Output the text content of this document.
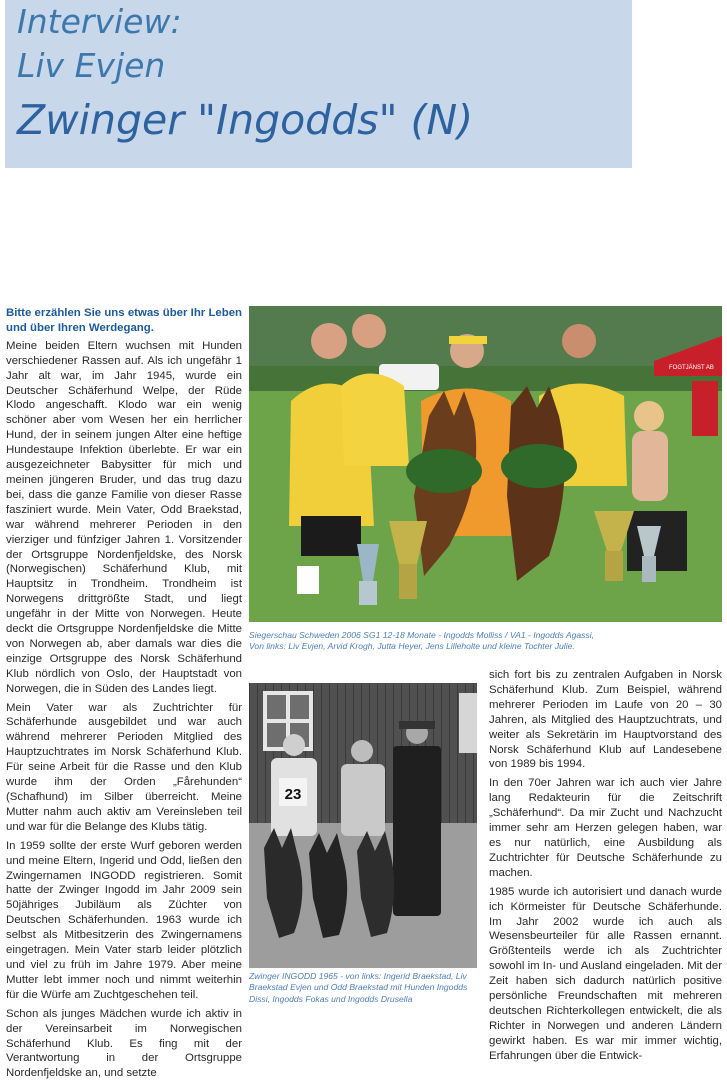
Interview:
Liv Evjen
Zwinger "Ingodds" (N)

Bitte erzählen Sie uns etwas über Ihr Leben und über Ihren Werdegang.

Meine beiden Eltern wuchsen mit Hunden verschiedener Rassen auf. Als ich ungefähr 1 Jahr alt war, im Jahr 1945, wurde ein Deutscher Schäferhund Welpe, der Rüde Klodo angeschafft. Klodo war ein wenig schöner aber vom Wesen her ein herrlicher Hund, der in seinem jungen Alter eine heftige Hundestaupe Infektion überlebte. Er war ein ausgezeichneter Babysitter für mich und meinen jüngeren Bruder, und das trug dazu bei, dass die ganze Familie von dieser Rasse fasziniert wurde. Mein Vater, Odd Braekstad, war während mehrerer Perioden in den vierziger und fünfziger Jahren 1. Vorsitzender der Ortsgruppe Nordenfjeldske, des Norsk (Norwegischen) Schäferhund Klub, mit Hauptsitz in Trondheim. Trondheim ist Norwegens drittgrößte Stadt, und liegt ungefähr in der Mitte von Norwegen. Heute deckt die Ortsgruppe Nordenfjeldske die Mitte von Norwegen ab, aber damals war dies die einzige Ortsgruppe des Norsk Schäferhund Klub nördlich von Oslo, der Hauptstadt von Norwegen, die in Süden des Landes liegt.

Mein Vater war als Zuchtrichter für Schäferhunde ausgebildet und war auch während mehrerer Perioden Mitglied des Hauptzuchtrates im Norsk Schäferhund Klub. Für seine Arbeit für die Rasse und den Klub wurde ihm der Orden „Fårehunden“ (Schafhund) im Silber überreicht. Meine Mutter nahm auch aktiv am Vereinsleben teil und war für die Belange des Klubs tätig.

In 1959 sollte der erste Wurf geboren werden und meine Eltern, Ingerid und Odd, ließen den Zwingernamen INGODD registrieren. Somit hatte der Zwinger Ingodd im Jahr 2009 sein 50jähriges Jubiläum als Züchter von Deutschen Schäferhunden. 1963 wurde ich selbst als Mitbesitzerin des Zwingernamens eingetragen. Mein Vater starb leider plötzlich und viel zu früh im Jahre 1979. Aber meine Mutter lebt immer noch und nimmt weiterhin für die Würfe am Zuchtgeschehen teil.

Schon als junges Mädchen wurde ich aktiv in der Vereinsarbeit im Norwegischen Schäferhund Klub. Es fing mit der Verantwortung in der Ortsgruppe Nordenfjeldske an, und setzte

FOGTJÄNST AB
Siegerschau Schweden 2006 SG1 12-18 Monate - Ingodds Molliss / VA1 - Ingodds Agassi,
Von links: Liv Evjen, Arvid Krogh, Jutta Heyer, Jens Lilleholte und kleine Tochter Julie.
23
Zwinger INGODD 1965 - von links: Ingerid Braekstad, Liv
Braekstad Evjen und Odd Braekstad mit Hunden Ingodds
Dissi, Ingodds Fokas und Ingodds Drusella

sich fort bis zu zentralen Aufgaben in Norsk Schäferhund Klub. Zum Beispiel, während mehrerer Perioden im Laufe von 20 – 30 Jahren, als Mitglied des Hauptzuchtrats, und weiter als Sekretärin im Hauptvorstand des Norsk Schäferhund Klub auf Landesebene von 1989 bis 1994.

In den 70er Jahren war ich auch vier Jahre lang Redakteurin für die Zeitschrift „Schäferhund“. Da mir Zucht und Nachzucht immer sehr am Herzen gelegen haben, war es nur natürlich, eine Ausbildung als Zuchtrichter für Deutsche Schäferhunde zu machen.

1985 wurde ich autorisiert und danach wurde ich Körmeister für Deutsche Schäferhunde. Im Jahr 2002 wurde ich auch als Wesensbeurteiler für alle Rassen ernannt. Größtenteils werde ich als Zuchtrichter sowohl im In- und Ausland eingeladen. Mit der Zeit haben sich dadurch natürlich positive persönliche Freundschaften mit mehreren deutschen Richterkollegen entwickelt, die als Richter in Norwegen und anderen Ländern gewirkt haben. Es war mir immer wichtig, Erfahrungen über die Entwick-
